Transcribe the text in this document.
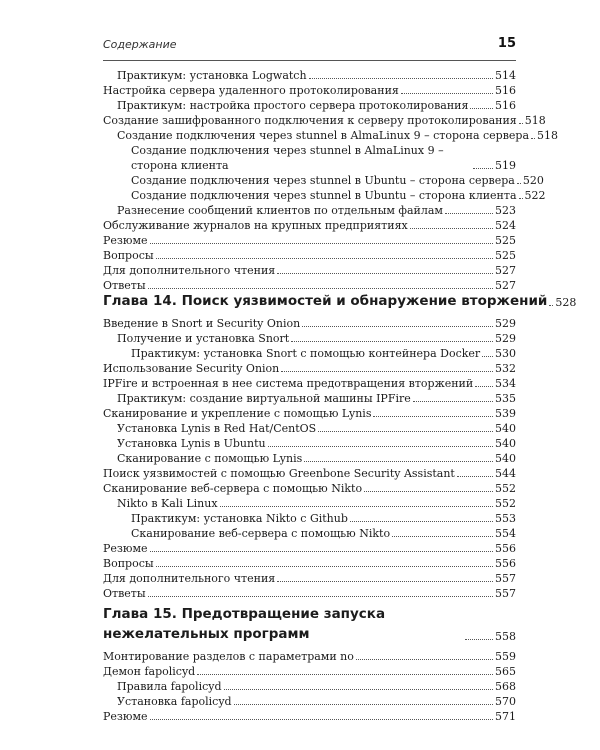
Содержание	15
Практикум: установка Logwatch	514
Настройка сервера удаленного протоколирования	516
Практикум: настройка простого сервера протоколирования 516
Создание зашифрованного подключения к серверу протоколирования 518
Создание подключения через stunnel в AlmaLinux 9 – сторона сервера 518
Создание подключения через stunnel в AlmaLinux 9 – сторона клиента	519
Создание подключения через stunnel в Ubuntu – сторона сервера 520
Создание подключения через stunnel в Ubuntu – сторона клиента 522
Разнесение сообщений клиентов по отдельным файлам	523
Обслуживание журналов на крупных предприятиях	524
Резюме	525
Вопросы	525
Для дополнительного чтения	527
Ответы	527
Глава 14. Поиск уязвимостей и обнаружение вторжений 528
Введение в Snort и Security Onion	529
Получение и установка Snort	529
Практикум: установка Snort с помощью контейнера Docker 530
Использование Security Onion	532
IPFire и встроенная в нее система предотвращения вторжений 534
Практикум: создание виртуальной машины IPFire	535
Сканирование и укрепление с помощью Lynis	539
Установка Lynis в Red Hat/CentOS	540
Установка Lynis в Ubuntu	540
Сканирование с помощью Lynis	540
Поиск уязвимостей с помощью Greenbone Security Assistant	544
Сканирование веб-сервера с помощью Nikto	552
Nikto в Kali Linux	552
Практикум: установка Nikto с Github	553
Сканирование веб-сервера с помощью Nikto	554
Резюме	556
Вопросы	556
Для дополнительного чтения	557
Ответы	557
Глава 15. Предотвращение запуска нежелательных программ	558
Монтирование разделов с параметрами no	559
Демон fapolicyd	565
Правила fapolicyd	568
Установка fapolicyd	570
Резюме	571
